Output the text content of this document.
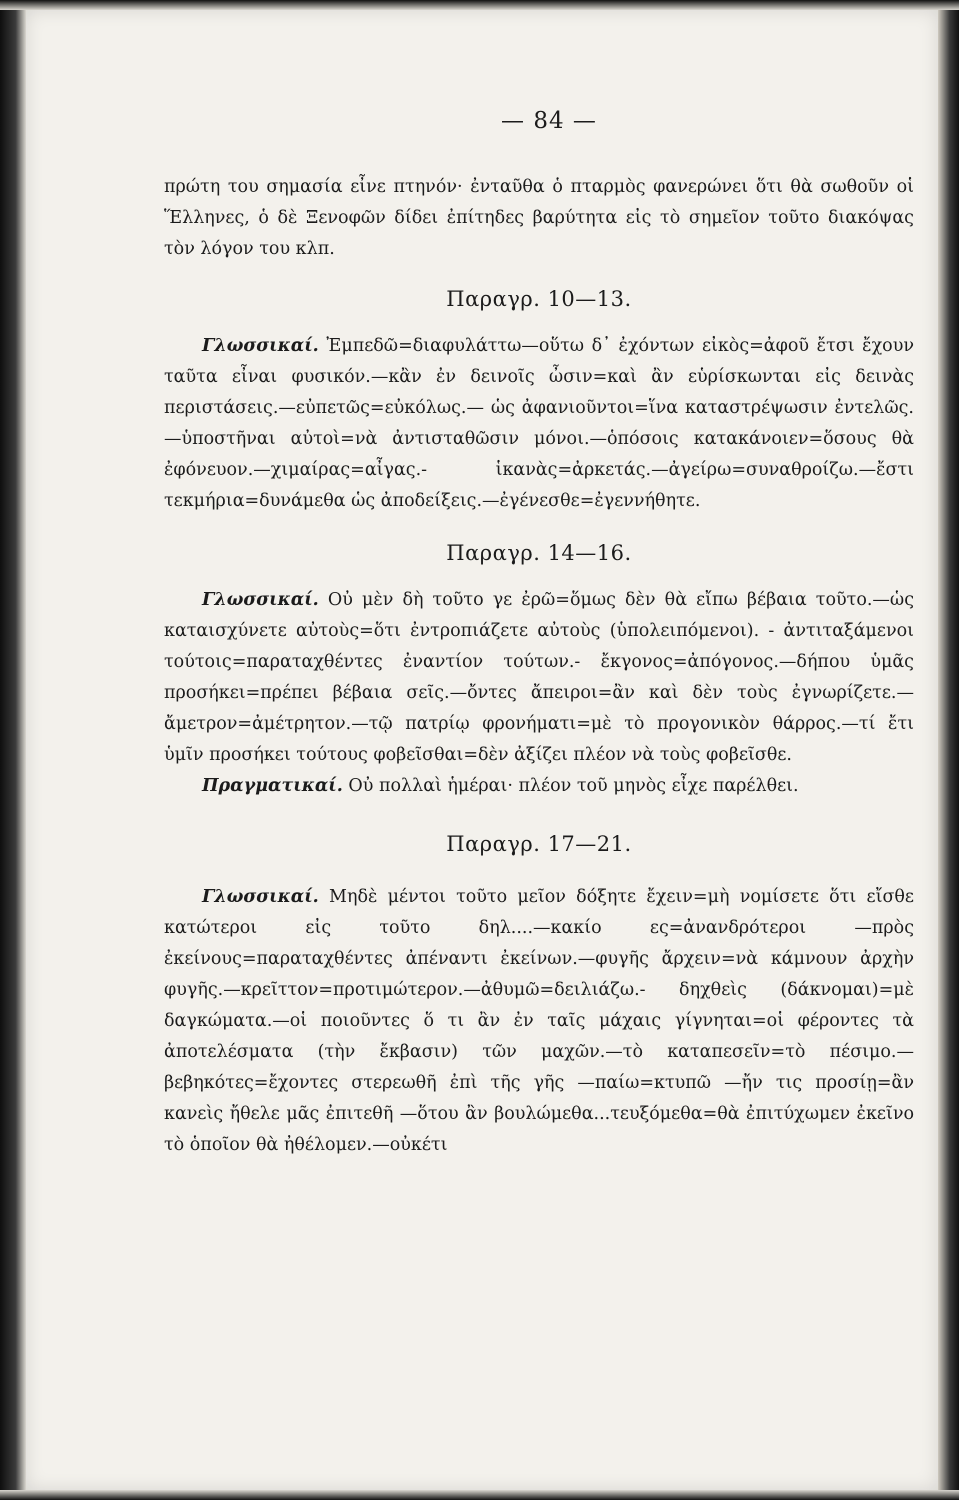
— 84 —

πρώτη του σημασία εἶνε πτηνόν· ἐνταῦθα ὁ πταρμὸς φανερώνει ὅτι θὰ σωθοῦν οἱ Ἕλληνες, ὁ δὲ Ξενοφῶν δίδει ἐπίτηδες βαρύτητα εἰς τὸ σημεῖον τοῦτο διακόψας τὸν λόγον του κλπ.

Παραγρ. 10—13.

Γλωσσικαί. Ἐμπεδῶ=διαφυλάττω—οὕτω δ᾿ ἐχόντων εἰκὸς=ἀφοῦ ἔτσι ἔχουν ταῦτα εἶναι φυσικόν.—κἂν ἐν δεινοῖς ὦσιν=καὶ ἂν εὑρίσκωνται εἰς δεινὰς περιστάσεις.—εὐπετῶς=εὐκόλως.— ὡς ἀφανιοῦντοι=ἵνα καταστρέψωσιν ἐντελῶς.—ὑποστῆναι αὐτοὶ=νὰ ἀντισταθῶσιν μόνοι.—ὁπόσοις κατακάνοιεν=ὅσους θὰ ἐφόνευον.—χιμαίρας=αἶγας.- ἱκανὰς=ἀρκετάς.—ἀγείρω=συναθροίζω.—ἔστι τεκμήρια=δυνάμεθα ὡς ἀποδείξεις.—ἐγένεσθε=ἐγεννήθητε.

Παραγρ. 14—16.

Γλωσσικαί. Οὐ μὲν δὴ τοῦτο γε ἐρῶ=ὅμως δὲν θὰ εἴπω βέβαια τοῦτο.—ὡς καταισχύνετε αὐτοὺς=ὅτι ἐντροπιάζετε αὐτοὺς (ὑπολειπόμενοι). - ἀντιταξάμενοι τούτοις=παραταχθέντες ἐναντίον τούτων.- ἔκγονος=ἀπόγονος.—δήπου ὑμᾶς προσήκει=πρέπει βέβαια σεῖς.—ὄντες ἄπειροι=ἂν καὶ δὲν τοὺς ἐγνωρίζετε.—ἄμετρον=ἀμέτρητον.—τῷ πατρίῳ φρονήματι=μὲ τὸ προγονικὸν θάρρος.—τί ἔτι ὑμῖν προσήκει τούτους φοβεῖσθαι=δὲν ἀξίζει πλέον νὰ τοὺς φοβεῖσθε.

Πραγματικαί. Οὐ πολλαὶ ἡμέραι· πλέον τοῦ μηνὸς εἶχε παρέλθει.

Παραγρ. 17—21.

Γλωσσικαί. Μηδὲ μέντοι τοῦτο μεῖον δόξητε ἔχειν=μὴ νομίσετε ὅτι εἴσθε κατώτεροι εἰς τοῦτο δηλ....—κακίο ες=ἀνανδρότεροι —πρὸς ἐκείνους=παραταχθέντες ἀπέναντι ἐκείνων.—φυγῆς ἄρχειν=νὰ κάμνουν ἀρχὴν φυγῆς.—κρεῖττον=προτιμώτερον.—ἀθυμῶ=δειλιάζω.- δηχθεὶς (δάκνομαι)=μὲ δαγκώματα.—οἱ ποιοῦντες ὅ τι ἂν ἐν ταῖς μάχαις γίγνηται=οἱ φέροντες τὰ ἀποτελέσματα (τὴν ἔκβασιν) τῶν μαχῶν.—τὸ καταπεσεῖν=τὸ πέσιμο.—βεβηκότες=ἔχοντες στερεωθῆ ἐπὶ τῆς γῆς —παίω=κτυπῶ —ἤν τις προσίῃ=ἂν κανεὶς ἤθελε μᾶς ἐπιτεθῆ —ὅτου ἂν βουλώμεθα...τευξόμεθα=θὰ ἐπιτύχωμεν ἐκεῖνο τὸ ὁποῖον θὰ ἠθέλομεν.—οὐκέτι
